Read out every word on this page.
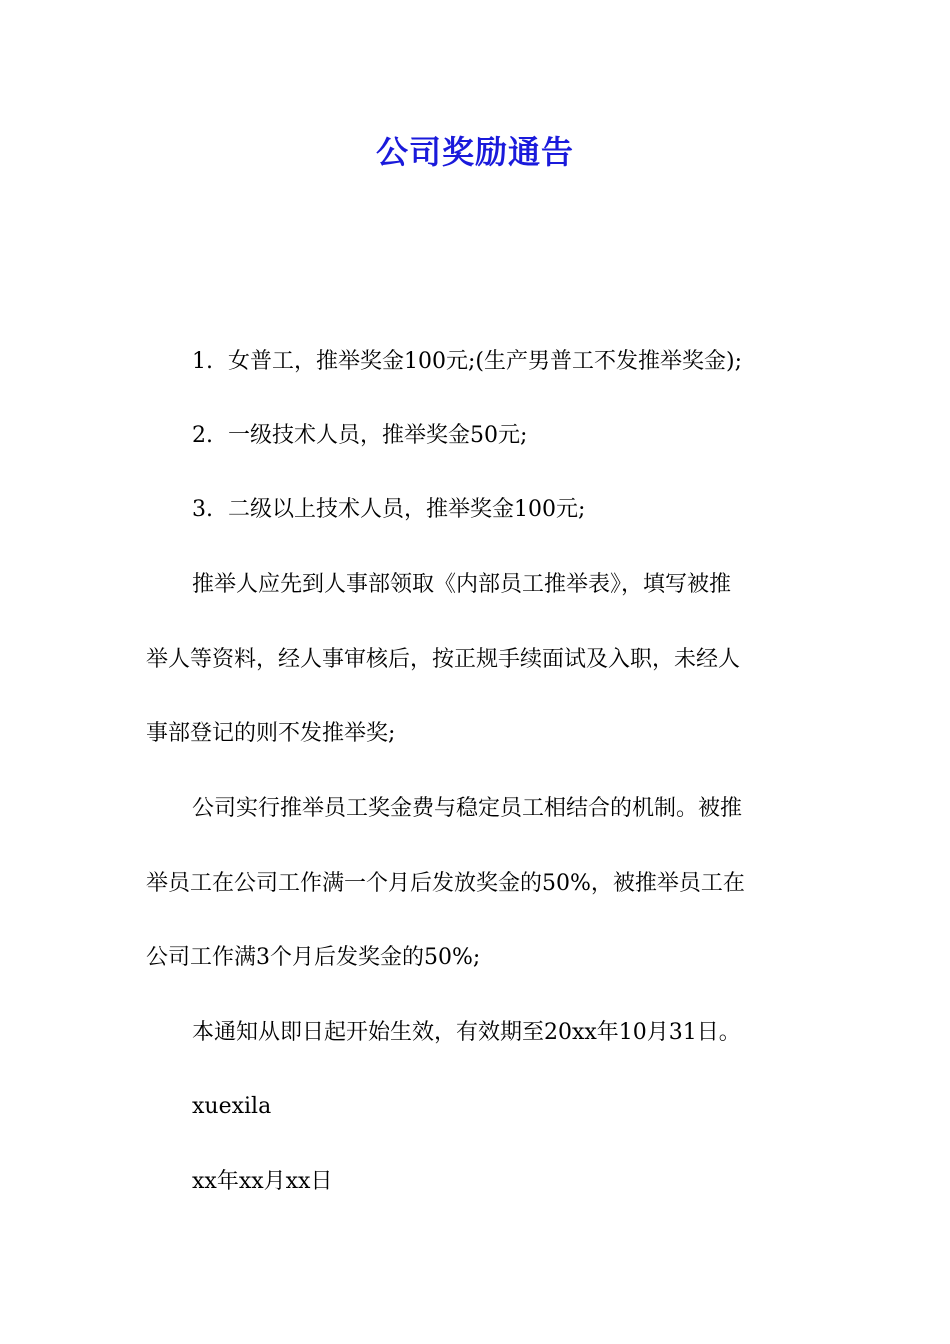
公司奖励通告
1. 女普工，推举奖金100元;(生产男普工不发推举奖金);
2. 一级技术人员，推举奖金50元;
3. 二级以上技术人员，推举奖金100元;
推举人应先到人事部领取《内部员工推举表》，填写被推
举人等资料，经人事审核后，按正规手续面试及入职，未经人
事部登记的则不发推举奖;
公司实行推举员工奖金费与稳定员工相结合的机制。被推
举员工在公司工作满一个月后发放奖金的50%，被推举员工在
公司工作满3个月后发奖金的50%;
本通知从即日起开始生效，有效期至20xx年10月31日。
xuexila
xx年xx月xx日
